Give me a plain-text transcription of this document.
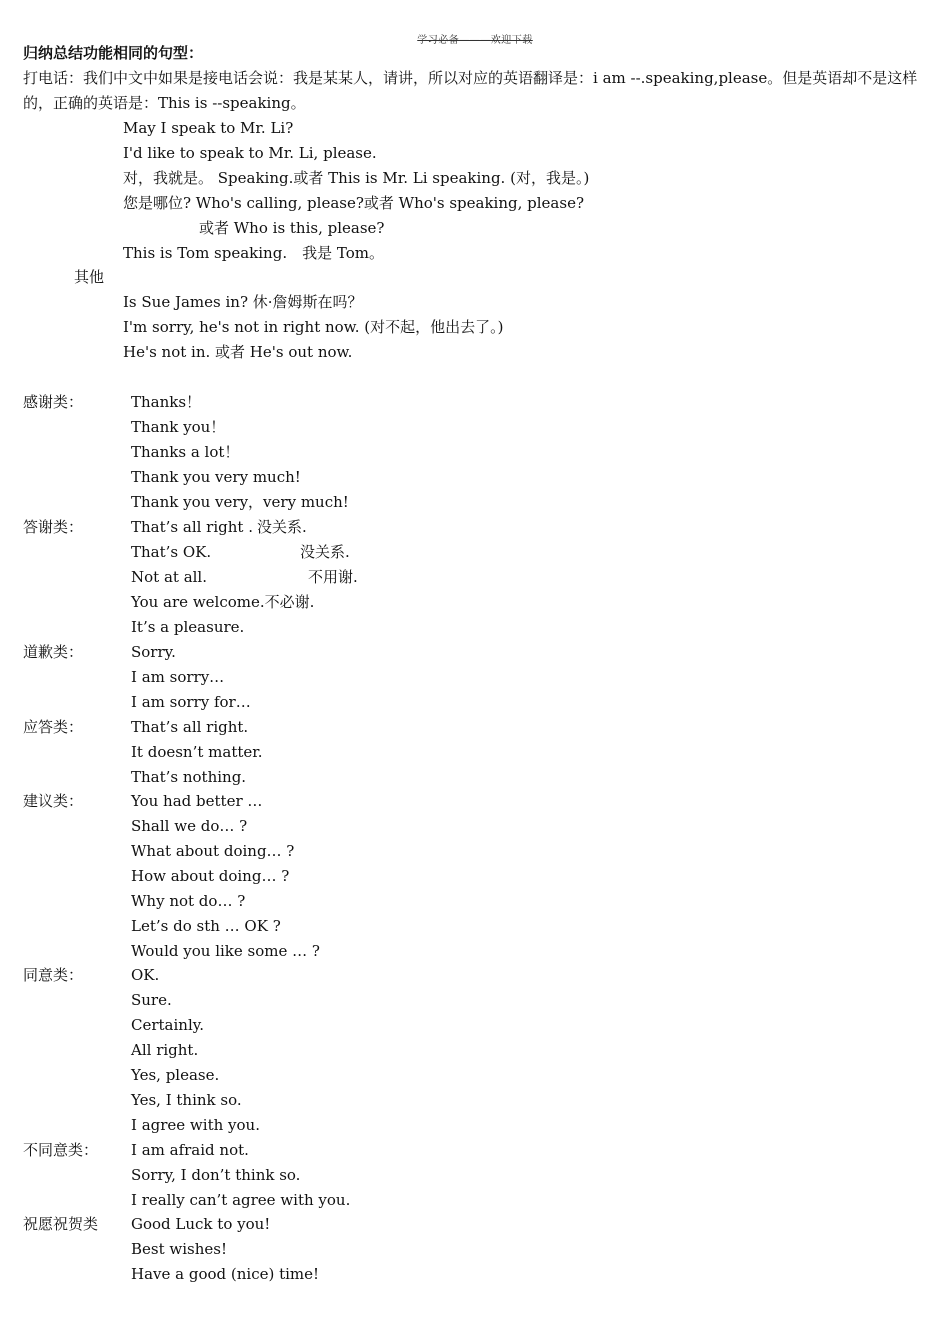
学习必备———欢迎下载
归纳总结功能相同的句型：
打电话：我们中文中如果是接电话会说：我是某某人，请讲，所以对应的英语翻译是：i am --.speaking,please。但是英语却不是这样的，正确的英语是：This is --speaking。
May I speak to Mr. Li?
I'd like to speak to Mr. Li, please.
对，我就是。 Speaking.或者 This is Mr. Li speaking. (对，我是。)
您是哪位? Who's calling, please?或者 Who's speaking, please?
或者 Who is this, please?
This is Tom speaking.　我是 Tom。
其他
Is Sue James in? 休·詹姆斯在吗？
I'm sorry, he's not in right now. (对不起，他出去了。)
He's not in. 或者 He's out now.
感谢类：	Thanks！
Thank you！
Thanks a lot！
Thank you very much!
Thank you very，very much!
答谢类：	That’s all right . 没关系.
That’s OK.	没关系.
Not at all.	不用谢.
You are welcome.不必谢.
It’s a pleasure.
道歉类：	Sorry.
I am sorry…
I am sorry for…
应答类：	That’s all right.
It doesn’t matter.
That’s nothing.
建议类：	You had better …
Shall we do… ?
What about doing… ?
How about doing… ?
Why not do… ?
Let’s do sth … OK ?
Would you like some … ?
同意类：	OK.
Sure.
Certainly.
All right.
Yes, please.
Yes, I think so.
I agree with you.
不同意类： I am afraid not.
Sorry, I don’t think so.
I really can’t agree with you.
祝愿祝贺类 Good Luck to you!
Best wishes!
Have a good (nice) time!
